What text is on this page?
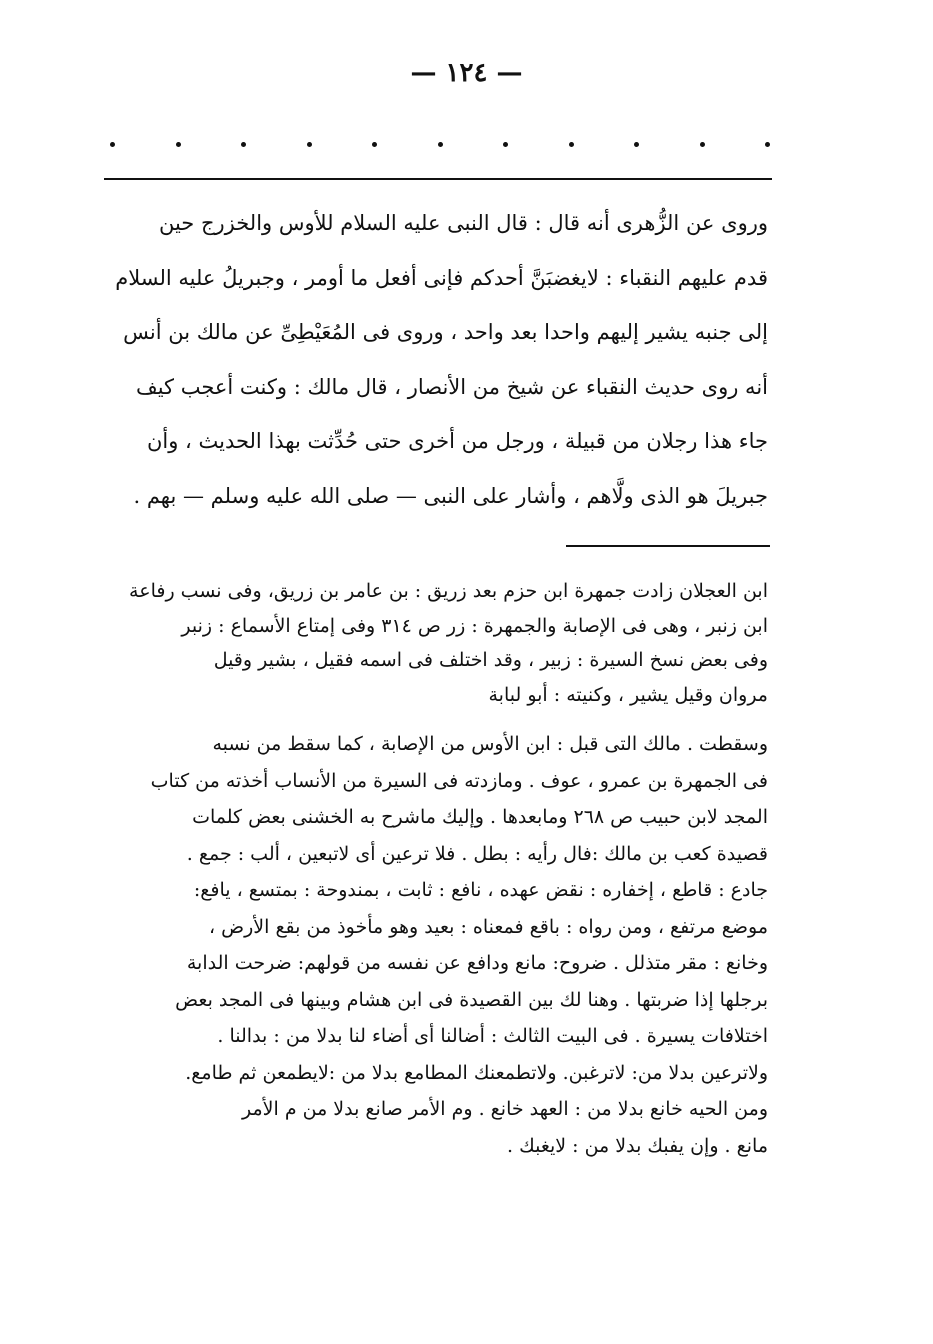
— ١٢٤ —
وروى عن الزُّهرى أنه قال : قال النبى عليه السلام للأوس والخزرج حين
قدم عليهم النقباء : لايغضبَنَّ أحدكم فإنى أفعل ما أومر ، وجبريلُ عليه السلام
إلى جنبه يشير إليهم واحدا بعد واحد ، وروى فى المُعَيْطِىِّ عن مالك بن أنس
أنه روى حديث النقباء عن شيخ من الأنصار ، قال مالك : وكنت أعجب كيف
جاء هذا رجلان من قبيلة ، ورجل من أخرى حتى حُدِّثت بهذا الحديث ، وأن
جبريلَ هو الذى ولَّاهم ، وأشار على النبى — صلى الله عليه وسلم — بهم .
ابن العجلان زادت جمهرة ابن حزم بعد زريق : بن عامر بن زريق، وفى نسب رفاعة
ابن زنبر ، وهى فى الإصابة والجمهرة : زر ص ٣١٤ وفى إمتاع الأسماع : زنبر
وفى بعض نسخ السيرة : زبير ، وقد اختلف فى اسمه فقيل ، بشير وقيل
مروان وقيل يشير ، وكنيته : أبو لبابة
وسقطت . مالك التى قبل : ابن الأوس من الإصابة ، كما سقط من نسبه
فى الجمهرة بن عمرو ، عوف . ومازدته فى السيرة من الأنساب أخذته من كتاب
المجد لابن حبيب ص ٢٦٨ ومابعدها . وإليك ماشرح به الخشنى بعض كلمات
قصيدة كعب بن مالك :فال رأيه : بطل . فلا ترعين أى لاتبعين ، ألب : جمع .
جادع : قاطع ، إخفاره : نقض عهده ، نافع : ثابت ، بمندوحة : بمتسع ، يافع:
موضع مرتفع ، ومن رواه : باقع فمعناه : بعيد وهو مأخوذ من بقع الأرض ،
وخانع : مقر متذلل . ضروح: مانع ودافع عن نفسه من قولهم: ضرحت الدابة
برجلها إذا ضربتها . وهنا لك بين القصيدة فى ابن هشام وبينها فى المجد بعض
اختلافات يسيرة . فى البيت الثالث : أضالنا أى أضاء لنا بدلا من : بدالنا .
ولاترعين بدلا من: لاترغبن. ولاتطمعنك المطامع بدلا من :لايطمعن ثم طامع.
ومن الحيه خانع بدلا من : العهد خانع . وم الأمر صانع بدلا من م الأمر
مانع . وإن يفبك بدلا من : لايغبك .
